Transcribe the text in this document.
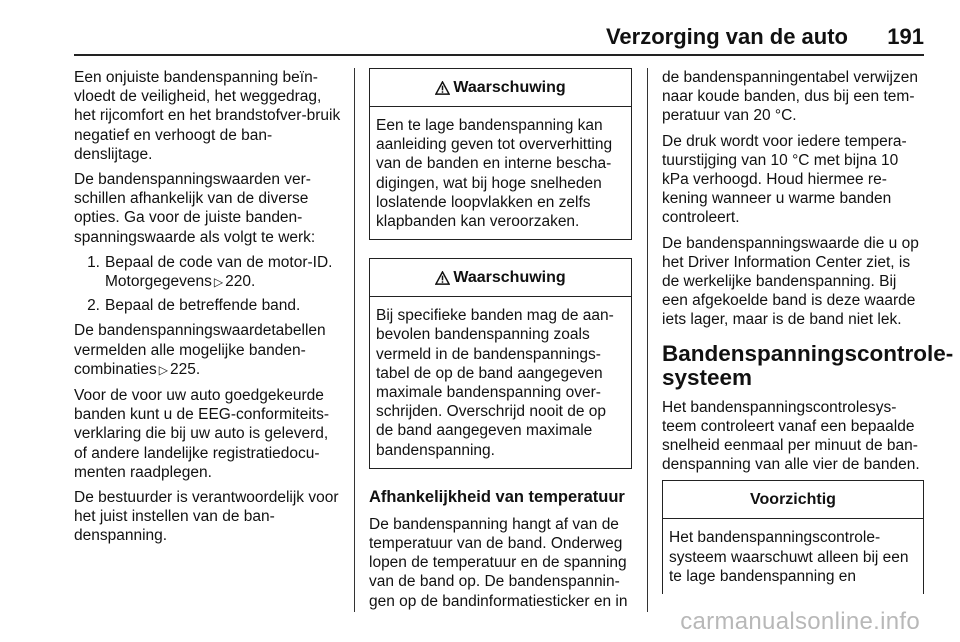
Verzorging van de auto 191

Een onjuiste bandenspanning beïn-vloedt de veiligheid, het weggedrag, het rijcomfort en het brandstofver-bruik negatief en verhoogt de ban-denslijtage.

De bandenspanningswaarden ver-schillen afhankelijk van de diverse opties. Ga voor de juiste banden-spanningswaarde als volgt te werk:

1. Bepaal de code van de motor-ID. Motorgegevens ▷ 220.
2. Bepaal de betreffende band.

De bandenspanningswaardetabellen vermelden alle mogelijke banden-combinaties ▷ 225.

Voor de voor uw auto goedgekeurde banden kunt u de EEG-conformiteits-verklaring die bij uw auto is geleverd, of andere landelijke registratiedocu-menten raadplegen.

De bestuurder is verantwoordelijk voor het juist instellen van de ban-denspanning.

Waarschuwing
Een te lage bandenspanning kan aanleiding geven tot oververhitting van de banden en interne bescha-digingen, wat bij hoge snelheden loslatende loopvlakken en zelfs klapbanden kan veroorzaken.
Waarschuwing
Bij specifieke banden mag de aan-bevolen bandenspanning zoals vermeld in de bandenspannings-tabel de op de band aangegeven maximale bandenspanning over-schrijden. Overschrijd nooit de op de band aangegeven maximale bandenspanning.
Afhankelijkheid van temperatuur

De bandenspanning hangt af van de temperatuur van de band. Onderweg lopen de temperatuur en de spanning van de band op. De bandenspannin-gen op de bandinformatiesticker en in

de bandenspanningentabel verwijzen naar koude banden, dus bij een tem-peratuur van 20 °C.

De druk wordt voor iedere tempera-tuurstijging van 10 °C met bijna 10 kPa verhoogd. Houd hiermee re-kening wanneer u warme banden controleert.

De bandenspanningswaarde die u op het Driver Information Center ziet, is de werkelijke bandenspanning. Bij een afgekoelde band is deze waarde iets lager, maar is de band niet lek.

Bandenspanningscontrole-systeem

Het bandenspanningscontrolesys-teem controleert vanaf een bepaalde snelheid eenmaal per minuut de ban-denspanning van alle vier de banden.

Voorzichtig
Het bandenspanningscontrole-systeem waarschuwt alleen bij een te lage bandenspanning en
carmanualsonline.info
